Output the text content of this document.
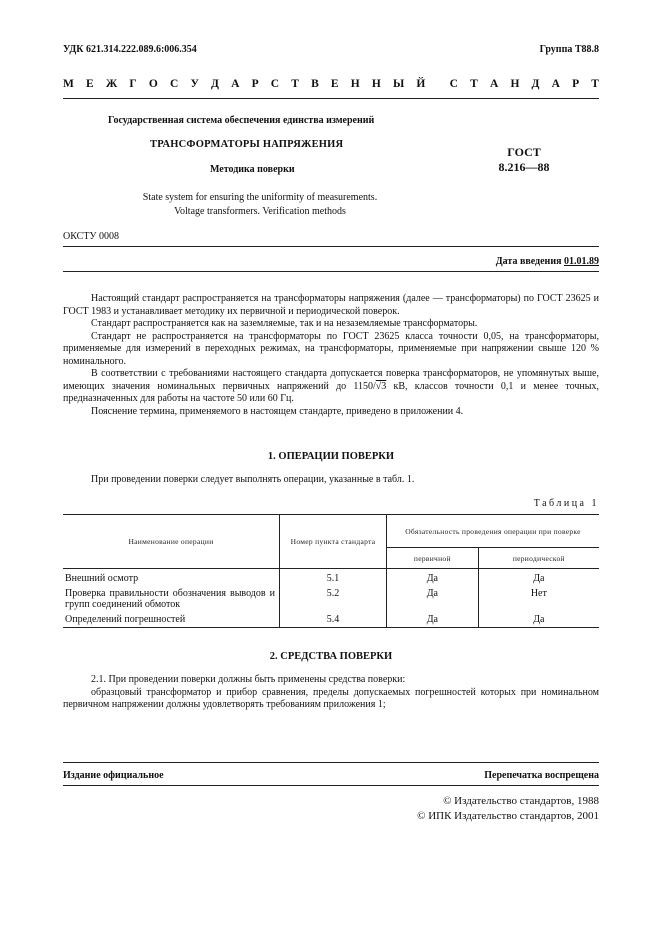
УДК 621.314.222.089.6:006.354	Группа Т88.8
М Е Ж Г О С У Д А Р С Т В Е Н Н Ы Й С Т А Н Д А Р Т
Государственная система обеспечения единства измерений
ТРАНСФОРМАТОРЫ НАПРЯЖЕНИЯ
Методика поверки
ГОСТ
8.216—88
State system for ensuring the uniformity of measurements.
Voltage transformers. Verification methods
ОКСТУ 0008
Дата введения 01.01.89

Настоящий стандарт распространяется на трансформаторы напряжения (далее — трансформаторы) по ГОСТ 23625 и ГОСТ 1983 и устанавливает методику их первичной и периодической поверок.

Стандарт распространяется как на заземляемые, так и на незаземляемые трансформаторы.

Стандарт не распространяется на трансформаторы по ГОСТ 23625 класса точности 0,05, на трансформаторы, применяемые для измерений в переходных режимах, на трансформаторы, применяемые при напряжении свыше 120 % номинального.

В соответствии с требованиями настоящего стандарта допускается поверка трансформаторов, не упомянутых выше, имеющих значения номинальных первичных напряжений до 1150/√3 кВ, классов точности 0,1 и менее точных, предназначенных для работы на частоте 50 или 60 Гц.

Пояснение термина, применяемого в настоящем стандарте, приведено в приложении 4.

1. ОПЕРАЦИИ ПОВЕРКИ

При проведении поверки следует выполнять операции, указанные в табл. 1.

Таблица 1
Наименование операции	Номер пункта стандарта	Обязательность проведения операции при поверке	
		первичной	периодической
Внешний осмотр	5.1	Да	Да
Проверка правильности обозначения выводов и групп соединений обмоток	5.2	Да	Нет
Определений погрешностей	5.4	Да	Да
2. СРЕДСТВА ПОВЕРКИ

2.1. При проведении поверки должны быть применены средства поверки:

образцовый трансформатор и прибор сравнения, пределы допускаемых погрешностей которых при номинальном первичном напряжении должны удовлетворять требованиям приложения 1;

Издание официальное	Перепечатка воспрещена
© Издательство стандартов, 1988
© ИПК Издательство стандартов, 2001
